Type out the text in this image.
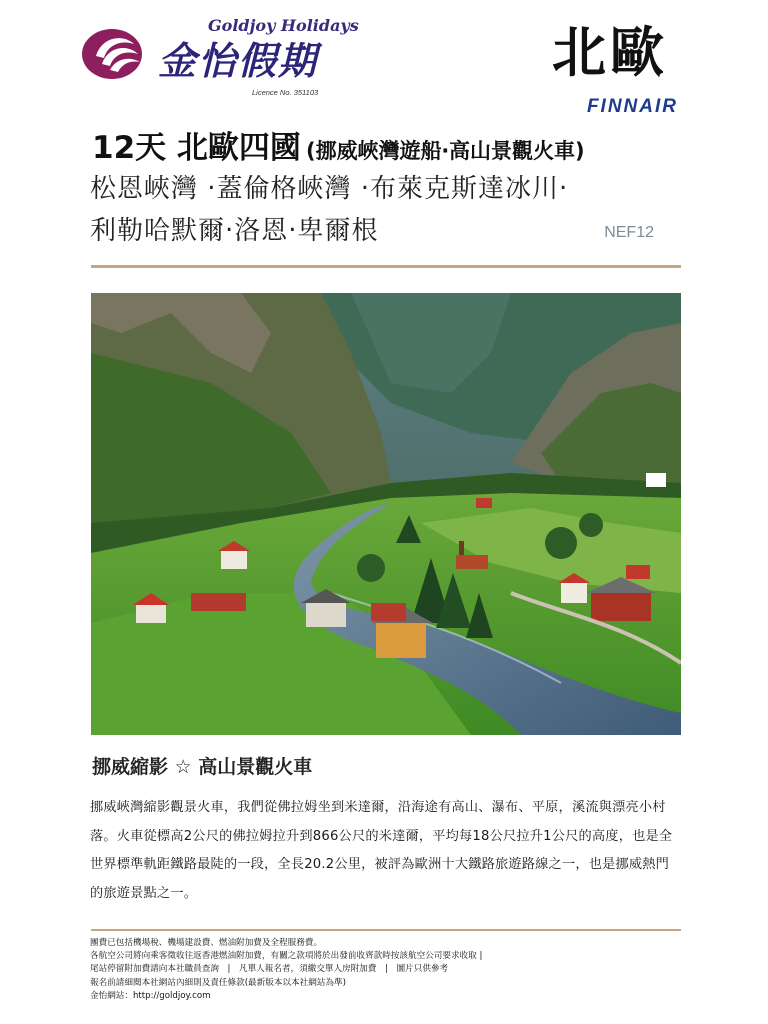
Goldjoy Holidays
金怡假期
Licence No. 351103
北歐
FINNAIR
12天 北歐四國 (挪威峽灣遊船‧高山景觀火車)
松恩峽灣 ‧蓋倫格峽灣 ‧布萊克斯達冰川‧
利勒哈默爾‧洛恩‧卑爾根	NEF12
挪威縮影 ☆ 高山景觀火車
挪威峽灣縮影觀景火車，我們從佛拉姆坐到米達爾，沿海途有高山、瀑布、平原，溪流與漂亮小村落。火車從標高2公尺的佛拉姆拉升到866公尺的米達爾，平均每18公尺拉升1公尺的高度，也是全世界標準軌距鐵路最陡的一段，全長20.2公里，被評為歐洲十大鐵路旅遊路線之一，也是挪威熱門的旅遊景點之一。
團費已包括機場稅、機場建設費、燃油附加費及全程服務費。
各航空公司將向乘客徵收往返香港燃油附加費，有關之款項將於出發前收齊款時按該航空公司要求收取 |
尾站停留附加費請向本社職員查詢　|　凡單人報名者，須繳交單人房附加費　|　圖片只供參考
報名前請細閱本社網站內細則及責任條款(最新版本以本社網站為準)
金怡網站：http://goldjoy.com
